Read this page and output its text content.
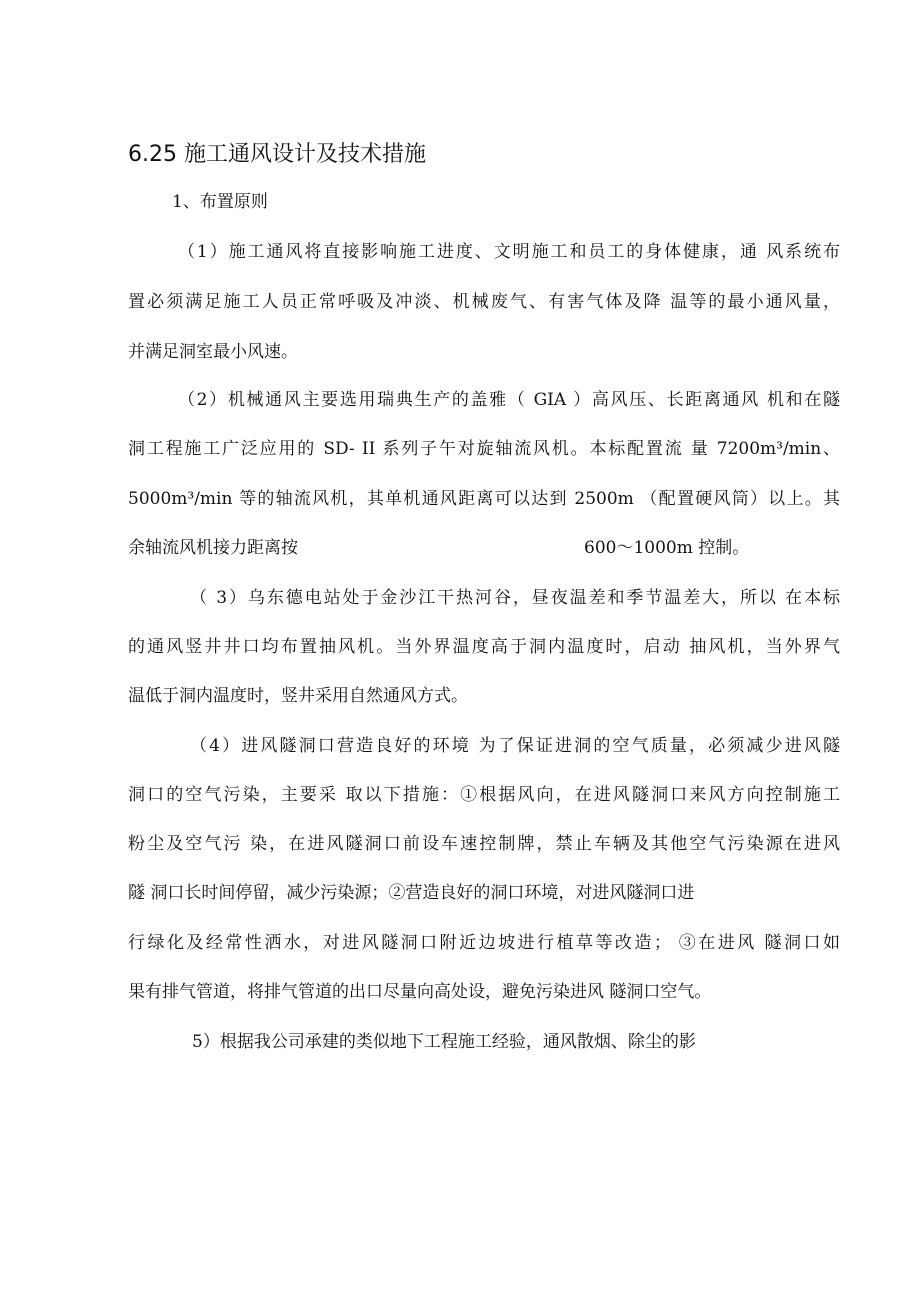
6.25 施工通风设计及技术措施
1、布置原则
（1）施工通风将直接影响施工进度、文明施工和员工的身体健康，通 风系统布
置必须满足施工人员正常呼吸及冲淡、机械废气、有害气体及降 温等的最小通风量，
并满足洞室最小风速。
（2）机械通风主要选用瑞典生产的盖雅（ GIA ）高风压、长距离通风 机和在隧
洞工程施工广泛应用的 SD- II 系列子午对旋轴流风机。本标配置流 量 7200m³/min、
5000m³/min 等的轴流风机，其单机通风距离可以达到 2500m （配置硬风筒）以上。其
余轴流风机接力距离按	600～1000m 控制。
（ 3）乌东德电站处于金沙江干热河谷，昼夜温差和季节温差大，所以 在本标
的通风竖井井口均布置抽风机。当外界温度高于洞内温度时，启动 抽风机，当外界气
温低于洞内温度时，竖井采用自然通风方式。
（4）进风隧洞口营造良好的环境 为了保证进洞的空气质量，必须减少进风隧
洞口的空气污染，主要采 取以下措施：①根据风向，在进风隧洞口来风方向控制施工
粉尘及空气污 染，在进风隧洞口前设车速控制牌，禁止车辆及其他空气污染源在进风
隧 洞口长时间停留，减少污染源；②营造良好的洞口环境，对进风隧洞口进
行绿化及经常性洒水，对进风隧洞口附近边坡进行植草等改造； ③在进风 隧洞口如
果有排气管道，将排气管道的出口尽量向高处设，避免污染进风 隧洞口空气。
5）根据我公司承建的类似地下工程施工经验，通风散烟、除尘的影
